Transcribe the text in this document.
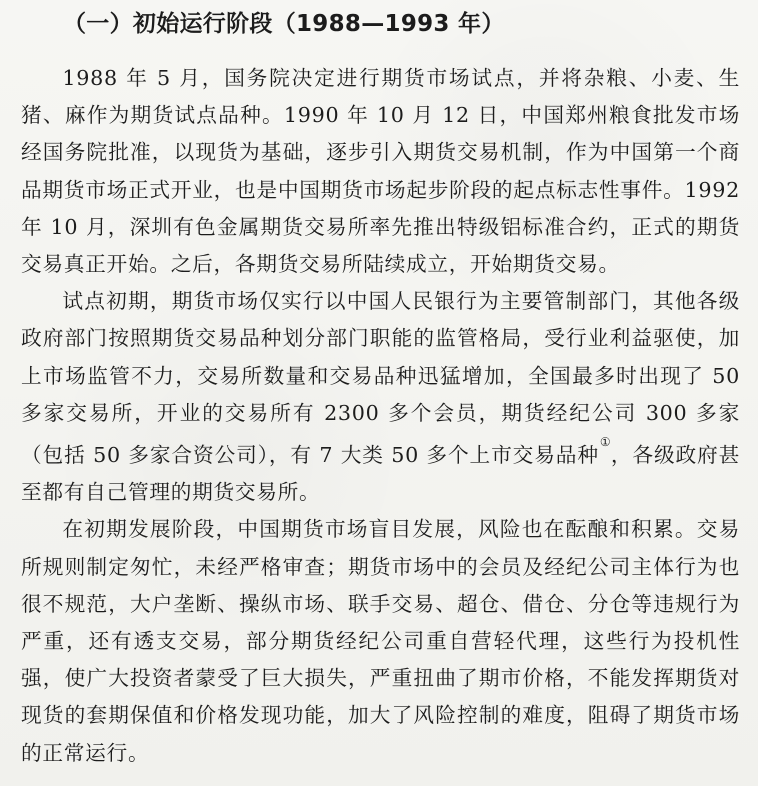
（一）初始运行阶段（1988—1993 年）

1988 年 5 月，国务院决定进行期货市场试点，并将杂粮、小麦、生猪、麻作为期货试点品种。1990 年 10 月 12 日，中国郑州粮食批发市场经国务院批准，以现货为基础，逐步引入期货交易机制，作为中国第一个商品期货市场正式开业，也是中国期货市场起步阶段的起点标志性事件。1992 年 10 月，深圳有色金属期货交易所率先推出特级铝标准合约，正式的期货交易真正开始。之后，各期货交易所陆续成立，开始期货交易。

试点初期，期货市场仅实行以中国人民银行为主要管制部门，其他各级政府部门按照期货交易品种划分部门职能的监管格局，受行业利益驱使，加上市场监管不力，交易所数量和交易品种迅猛增加，全国最多时出现了 50 多家交易所，开业的交易所有 2300 多个会员，期货经纪公司 300 多家（包括 50 多家合资公司），有 7 大类 50 多个上市交易品种①，各级政府甚至都有自己管理的期货交易所。

在初期发展阶段，中国期货市场盲目发展，风险也在酝酿和积累。交易所规则制定匆忙，未经严格审查；期货市场中的会员及经纪公司主体行为也很不规范，大户垄断、操纵市场、联手交易、超仓、借仓、分仓等违规行为严重，还有透支交易，部分期货经纪公司重自营轻代理，这些行为投机性强，使广大投资者蒙受了巨大损失，严重扭曲了期市价格，不能发挥期货对现货的套期保值和价格发现功能，加大了风险控制的难度，阻碍了期货市场的正常运行。
